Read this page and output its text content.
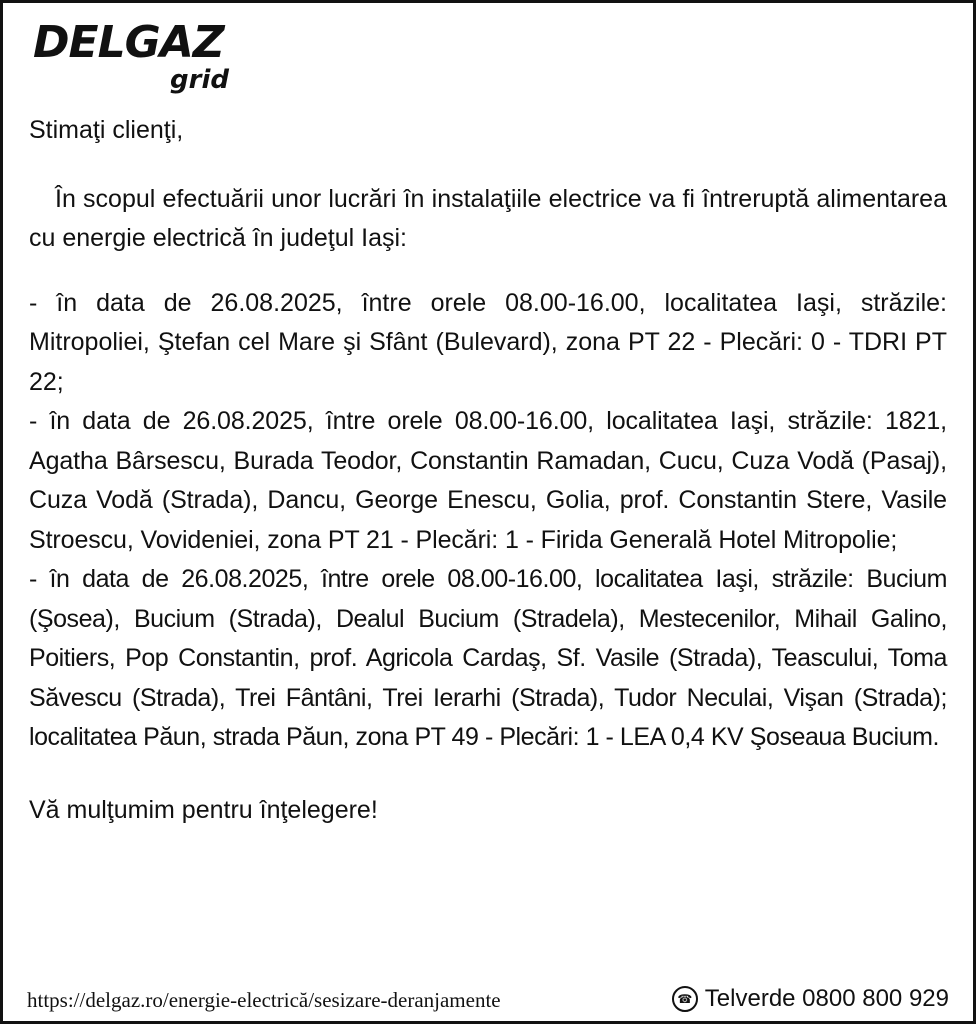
DELGAZ
grid

Stimaţi clienţi,

În scopul efectuării unor lucrări în instalaţiile electrice va fi întreruptă alimentarea cu energie electrică în judeţul Iaşi:

- în data de 26.08.2025, între orele 08.00-16.00, localitatea Iaşi, străzile: Mitropoliei, Ştefan cel Mare şi Sfânt (Bulevard), zona PT 22 - Plecări: 0 - TDRI PT 22;

- în data de 26.08.2025, între orele 08.00-16.00, localitatea Iaşi, străzile: 1821, Agatha Bârsescu, Burada Teodor, Constantin Ramadan, Cucu, Cuza Vodă (Pasaj), Cuza Vodă (Strada), Dancu, George Enescu, Golia, prof. Constantin Stere, Vasile Stroescu, Vovideniei, zona PT 21 - Plecări: 1 - Firida Generală Hotel Mitropolie;

- în data de 26.08.2025, între orele 08.00-16.00, localitatea Iaşi, străzile: Bucium (Şosea), Bucium (Strada), Dealul Bucium (Stradela), Mestecenilor, Mihail Galino, Poitiers, Pop Constantin, prof. Agricola Cardaş, Sf. Vasile (Strada), Teascului, Toma Săvescu (Strada), Trei Fântâni, Trei Ierarhi (Strada), Tudor Neculai, Vişan (Strada); localitatea Păun, strada Păun, zona PT 49 - Plecări: 1 - LEA 0,4 KV Şoseaua Bucium.

Vă mulţumim pentru înţelegere!

https://delgaz.ro/energie-electrică/sesizare-deranjamente	☎ Telverde 0800 800 929
